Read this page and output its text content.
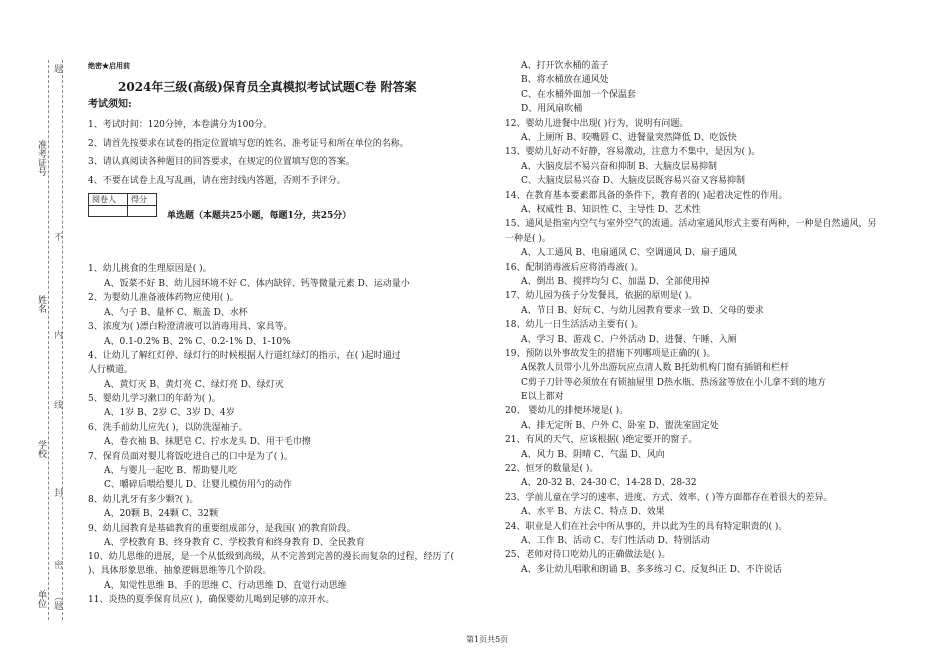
准考证号
姓名
学校
单位
题
不
内
线
封
密
（题
绝密★启用前
2024年三级(高级)保育员全真模拟考试试题C卷 附答案
考试须知:
1、考试时间：120分钟，本卷满分为100分。
2、请首先按要求在试卷的指定位置填写您的姓名、准考证号和所在单位的名称。
3、请认真阅读各种题目的回答要求，在规定的位置填写您的答案。
4、不要在试卷上乱写乱画，请在密封线内答题，否则不予评分。
阅卷人	得分

单选题（本题共25小题，每题1分，共25分）
1、幼儿挑食的生理原因是( )。
A、饭菜不好 B、幼儿园环境不好 C、体内缺锌、钙等微量元素 D、运动量小
2、为婴幼儿准备液体药物应使用( )。
A、勺子 B、量杯 C、瓶盖 D、水杯
3、浓度为( )漂白粉澄清液可以消毒用具、家具等。
A、0.1-0.2% B、2% C、0.2-1% D、1-10%
4、让幼儿了解红灯停、绿灯行的时候根据人行道红绿灯的指示，在( )起时通过
人行横道。
A、黄灯灭 B、黄灯亮 C、绿灯亮 D、绿灯灭
5、婴幼儿学习漱口的年龄为( )。
A、1岁 B、2岁 C、3岁 D、4岁
6、洗手前幼儿应先( )，以防洗湿袖子。
A、卷衣袖 B、抹肥皂 C、拧水龙头 D、用干毛巾擦
7、保育员面对婴儿将饭吃进自己的口中是为了( )。
A、与婴儿一起吃 B、帮助婴儿吃
C、嚼碎后喂给婴儿 D、让婴儿模仿用勺的动作
8、幼儿乳牙有多少颗?( )。
A、20颗 B、24颗 C、32颗
9、幼儿园教育是基础教育的重要组成部分，是我国( )的教育阶段。
A、学校教育 B、终身教育 C、学校教育和终身教育 D、全民教育
10、幼儿思维的进展，是一个从低级到高级，从不完善到完善的漫长而复杂的过程，经历了(
)、具体形象思维、抽象逻辑思维等几个阶段。
A、知觉性思维 B、手的思维 C、行动思维 D、直觉行动思维
11、炎热的夏季保育员应( )，确保婴幼儿喝到足够的凉开水。
A、打开饮水桶的盖子
B、将水桶放在通风处
C、在水桶外面加一个保温套
D、用风扇吹桶
12、婴幼儿进餐中出现( )行为，说明有问题。
A、上厕所 B、咬嘴唇 C、进餐量突然降低 D、吃饭快
13、婴幼儿好动不好静，容易激动，注意力不集中，是因为( )。
A、大脑皮层不易兴奋和抑制 B、大脑皮层易抑制
C、大脑皮层易兴奋 D、大脑皮层既容易兴奋又容易抑制
14、在教育基本要素都具备的条件下，教育者的( )起着决定性的作用。
A、权威性 B、知识性 C、主导性 D、艺术性
15、通风是指室内空气与室外空气的流通。活动室通风形式主要有两种，一种是自然通风，另
一种是( )。
A、人工通风 B、电扇通风 C、空调通风 D、扇子通风
16、配制消毒液后应将消毒液( )。
A、倒出 B、搅拌均匀 C、加温 D、全部使用掉
17、幼儿园为孩子分发餐具，依据的原则是( )。
A、节日 B、好玩 C、与幼儿园教育要求一致 D、父母的要求
18、幼儿一日生活活动主要有( )。
A、学习 B、游戏 C、户外活动 D、进餐、午睡、入厕
19、预防以外事故发生的措施下列哪项是正确的( )。
A保教人员带小儿外出游玩应点清人数 B托幼机构门窗有插销和栏杆
C剪子刀针等必须放在有锁抽屉里 D热水瓶、热汤盆等放在小儿拿不到的地方
E以上都对
20、 婴幼儿的排便环境是( )。
A、排无定所 B、户外 C、卧室 D、盥洗室固定处
21、有风的天气，应该根据( )绝定要开的窗子。
A、风力 B、阴晴 C、气温 D、风向
22、恒牙的数量是( )。
A、20-32 B、24-30 C、14-28 D、28-32
23、学前儿童在学习的速率、进度、方式、效率、( )等方面都存在着很大的差异。
A、水平 B、方法 C、特点 D、效果
24、职业是人们在社会中所从事的，并以此为生的具有特定职责的( )。
A、工作 B、活动 C、专门性活动 D、特别活动
25、老师对待口吃幼儿的正确做法是( )。
A、多让幼儿唱歌和朗诵 B、多多练习 C、反复纠正 D、不许说话
第1页共5页
